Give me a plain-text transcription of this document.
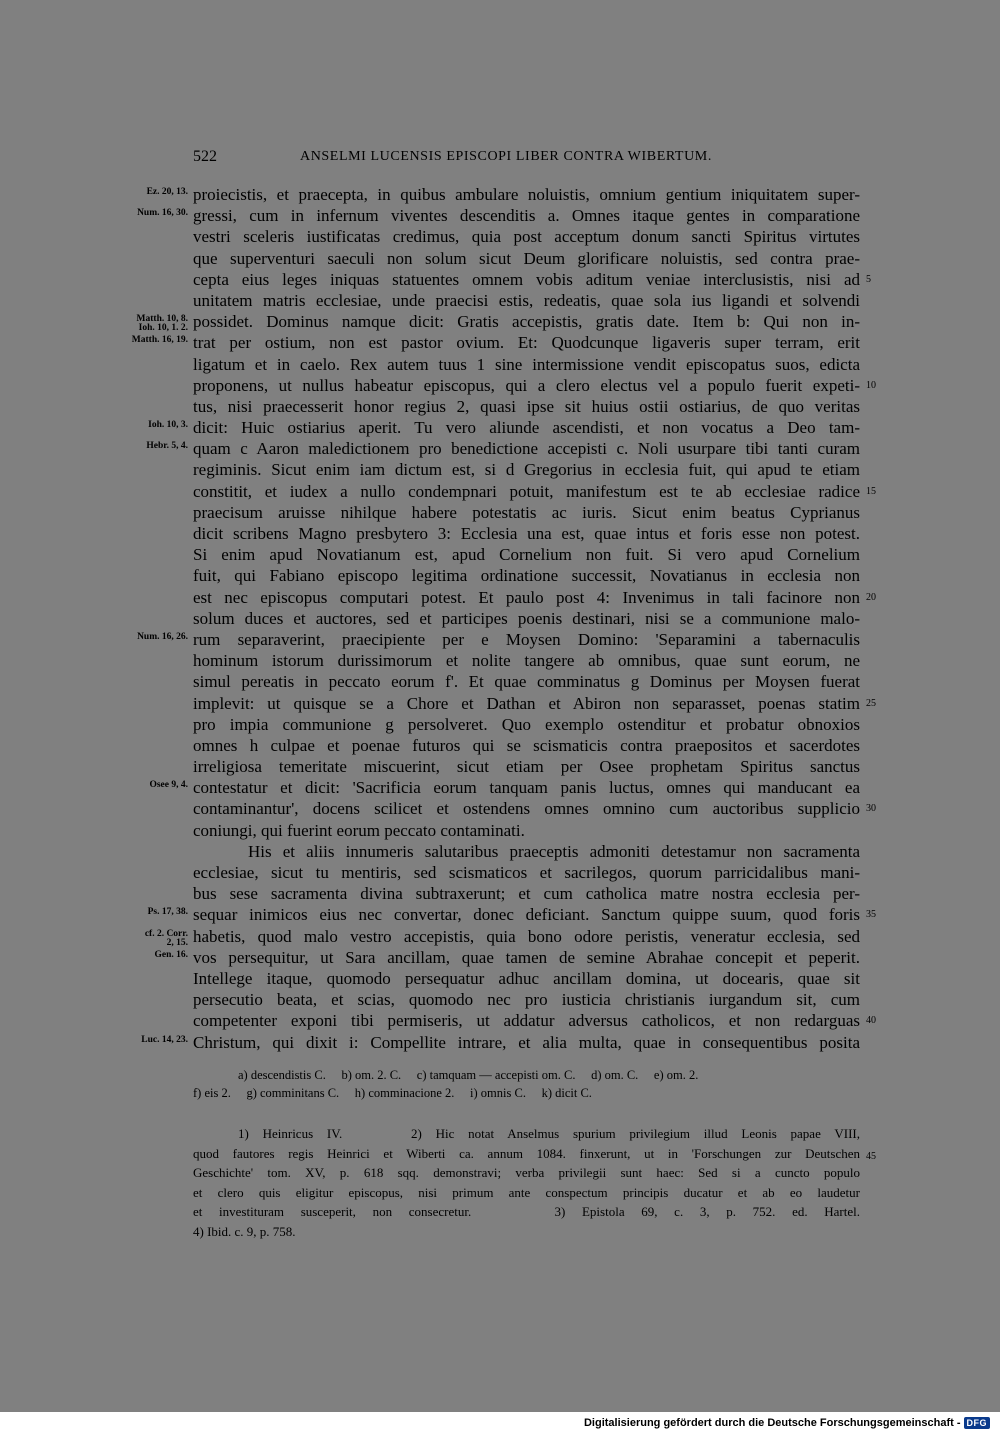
522	ANSELMI LUCENSIS EPISCOPI LIBER CONTRA WIBERTUM.
Ez. 20, 13. proiecistis, et praecepta, in quibus ambulare noluistis, omnium gentium iniquitatem super-
Num. 16, 30. gressi, cum in infernum viventes descenditis a. Omnes itaque gentes in comparatione
vestri sceleris iustificatas credimus, quia post acceptum donum sancti Spiritus virtutes
que superventuri saeculi non solum sicut Deum glorificare noluistis, sed contra prae-
cepta eius leges iniquas statuentes omnem vobis aditum veniae interclusistis, nisi ad 5
unitatem matris ecclesiae, unde praecisi estis, redeatis, quae sola ius ligandi et solvendi
Matth. 10, 8.
Ioh. 10, 1. 2. possidet. Dominus namque dicit: Gratis accepistis, gratis date. Item b: Qui non in-
Matth. 16, 19. trat per ostium, non est pastor ovium. Et: Quodcunque ligaveris super terram, erit
ligatum et in caelo. Rex autem tuus 1 sine intermissione vendit episcopatus suos, edicta
proponens, ut nullus habeatur episcopus, qui a clero electus vel a populo fuerit expeti- 10
tus, nisi praecesserit honor regius 2, quasi ipse sit huius ostii ostiarius, de quo veritas
Ioh. 10, 3. dicit: Huic ostiarius aperit. Tu vero aliunde ascendisti, et non vocatus a Deo tam-
Hebr. 5, 4. quam c Aaron maledictionem pro benedictione accepisti c. Noli usurpare tibi tanti curam
regiminis. Sicut enim iam dictum est, si d Gregorius in ecclesia fuit, qui apud te etiam
constitit, et iudex a nullo condempnari potuit, manifestum est te ab ecclesiae radice 15
praecisum aruisse nihilque habere potestatis ac iuris. Sicut enim beatus Cyprianus
dicit scribens Magno presbytero 3: Ecclesia una est, quae intus et foris esse non potest.
Si enim apud Novatianum est, apud Cornelium non fuit. Si vero apud Cornelium
fuit, qui Fabiano episcopo legitima ordinatione successit, Novatianus in ecclesia non
est nec episcopus computari potest. Et paulo post 4: Invenimus in tali facinore non 20
solum duces et auctores, sed et participes poenis destinari, nisi se a communione malo-
Num. 16, 26. rum separaverint, praecipiente per e Moysen Domino: 'Separamini a tabernaculis
hominum istorum durissimorum et nolite tangere ab omnibus, quae sunt eorum, ne
simul pereatis in peccato eorum f'. Et quae comminatus g Dominus per Moysen fuerat
implevit: ut quisque se a Chore et Dathan et Abiron non separasset, poenas statim 25
pro impia communione g persolveret. Quo exemplo ostenditur et probatur obnoxios
omnes h culpae et poenae futuros qui se scismaticis contra praepositos et sacerdotes
irreligiosa temeritate miscuerint, sicut etiam per Osee prophetam Spiritus sanctus
Osee 9, 4. contestatur et dicit: 'Sacrificia eorum tanquam panis luctus, omnes qui manducant ea
contaminantur', docens scilicet et ostendens omnes omnino cum auctoribus supplicio 30
coniungi, qui fuerint eorum peccato contaminati.
His et aliis innumeris salutaribus praeceptis admoniti detestamur non sacramenta
ecclesiae, sicut tu mentiris, sed scismaticos et sacrilegos, quorum parricidalibus mani-
bus sese sacramenta divina subtraxerunt; et cum catholica matre nostra ecclesia per-
Ps. 17, 38. sequar inimicos eius nec convertar, donec deficiant. Sanctum quippe suum, quod foris 35
cf. 2. Corr.
2, 15. habetis, quod malo vestro accepistis, quia bono odore peristis, veneratur ecclesia, sed
Gen. 16. vos persequitur, ut Sara ancillam, quae tamen de semine Abrahae concepit et peperit.
Intellege itaque, quomodo persequatur adhuc ancillam domina, ut docearis, quae sit
persecutio beata, et scias, quomodo nec pro iusticia christianis iurgandum sit, cum
competenter exponi tibi permiseris, ut addatur adversus catholicos, et non redarguas 40
Luc. 14, 23. Christum, qui dixit i: Compellite intrare, et alia multa, quae in consequentibus posita
a) descendistis C.     b) om. 2. C.     c) tamquam — accepisti om. C.     d) om. C.     e) om. 2.
f) eis 2.     g) comminitans C.     h) comminacione 2.     i) omnis C.     k) dicit C.
1) Heinricus IV.     2) Hic notat Anselmus spurium privilegium illud Leonis papae VIII,
quod fautores regis Heinrici et Wiberti ca. annum 1084. finxerunt, ut in 'Forschungen zur Deutschen 45
Geschichte' tom. XV, p. 618 sqq. demonstravi; verba privilegii sunt haec: Sed si a cuncto populo
et clero quis eligitur episcopus, nisi primum ante conspectum principis ducatur et ab eo laudetur
et investituram susceperit, non consecretur.     3) Epistola 69, c. 3, p. 752. ed. Hartel.
4) Ibid. c. 9, p. 758.
Digitalisierung gefördert durch die Deutsche Forschungsgemeinschaft - DFG
